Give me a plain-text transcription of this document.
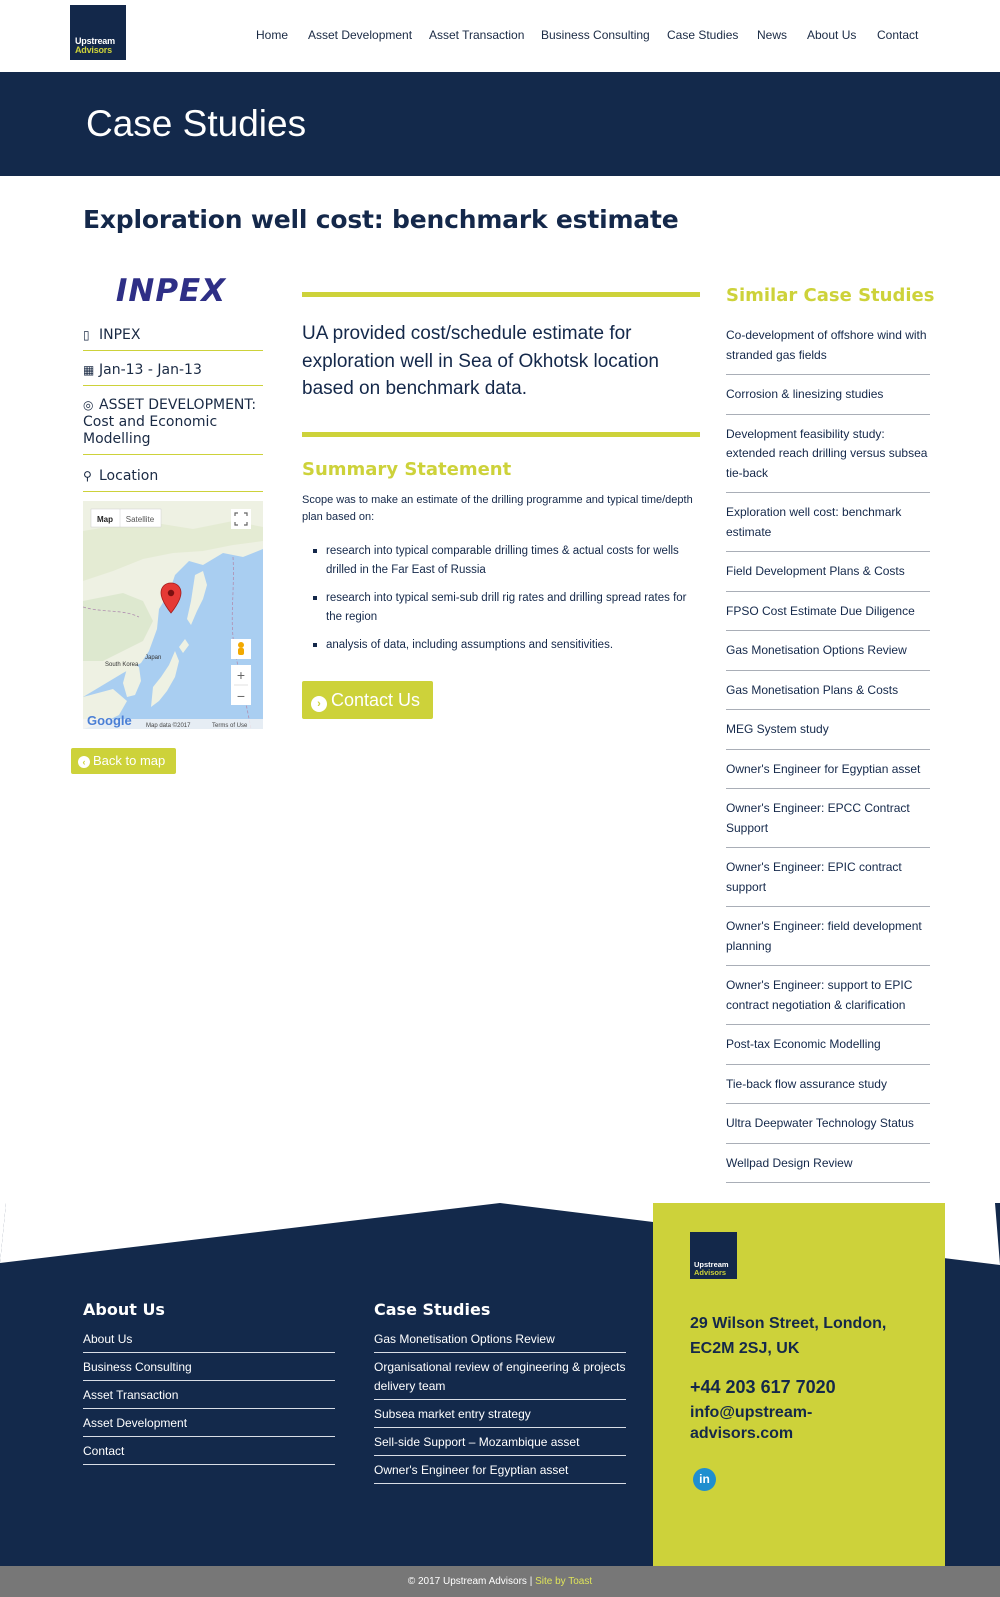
Upstream
Advisors
Home Asset Development Asset Transaction Business Consulting Case Studies News About Us Contact
Case Studies
Exploration well cost: benchmark estimate
INPEX
▯ INPEX
▦ Jan-13 - Jan-13
◎ ASSET DEVELOPMENT: Cost and Economic Modelling
⚲ Location
Map Satellite
Japan
South Korea
+
−
Google Map data ©2017	Terms of Use
‹ Back to map

UA provided cost/schedule estimate for exploration well in Sea of Okhotsk location based on benchmark data.

Summary Statement

Scope was to make an estimate of the drilling programme and typical time/depth plan based on:

research into typical comparable drilling times & actual costs for wells drilled in the Far East of Russia
research into typical semi-sub drill rig rates and drilling spread rates for the region
analysis of data, including assumptions and sensitivities.
› Contact Us
Similar Case Studies
Co-development of offshore wind with stranded gas fields
Corrosion & linesizing studies
Development feasibility study: extended reach drilling versus subsea tie-back
Exploration well cost: benchmark estimate
Field Development Plans & Costs
FPSO Cost Estimate Due Diligence
Gas Monetisation Options Review
Gas Monetisation Plans & Costs
MEG System study
Owner's Engineer for Egyptian asset
Owner's Engineer: EPCC Contract Support
Owner's Engineer: EPIC contract support
Owner's Engineer: field development planning
Owner's Engineer: support to EPIC contract negotiation & clarification
Post-tax Economic Modelling
Tie-back flow assurance study
Ultra Deepwater Technology Status
Wellpad Design Review
About Us
About Us
Business Consulting
Asset Transaction
Asset Development
Contact
Case Studies
Gas Monetisation Options Review
Organisational review of engineering & projects delivery team
Subsea market entry strategy
Sell-side Support – Mozambique asset
Owner's Engineer for Egyptian asset
Upstream
Advisors
29 Wilson Street, London, EC2M 2SJ, UK
+44 203 617 7020
info@upstream-advisors.com
in
© 2017 Upstream Advisors | Site by Toast
